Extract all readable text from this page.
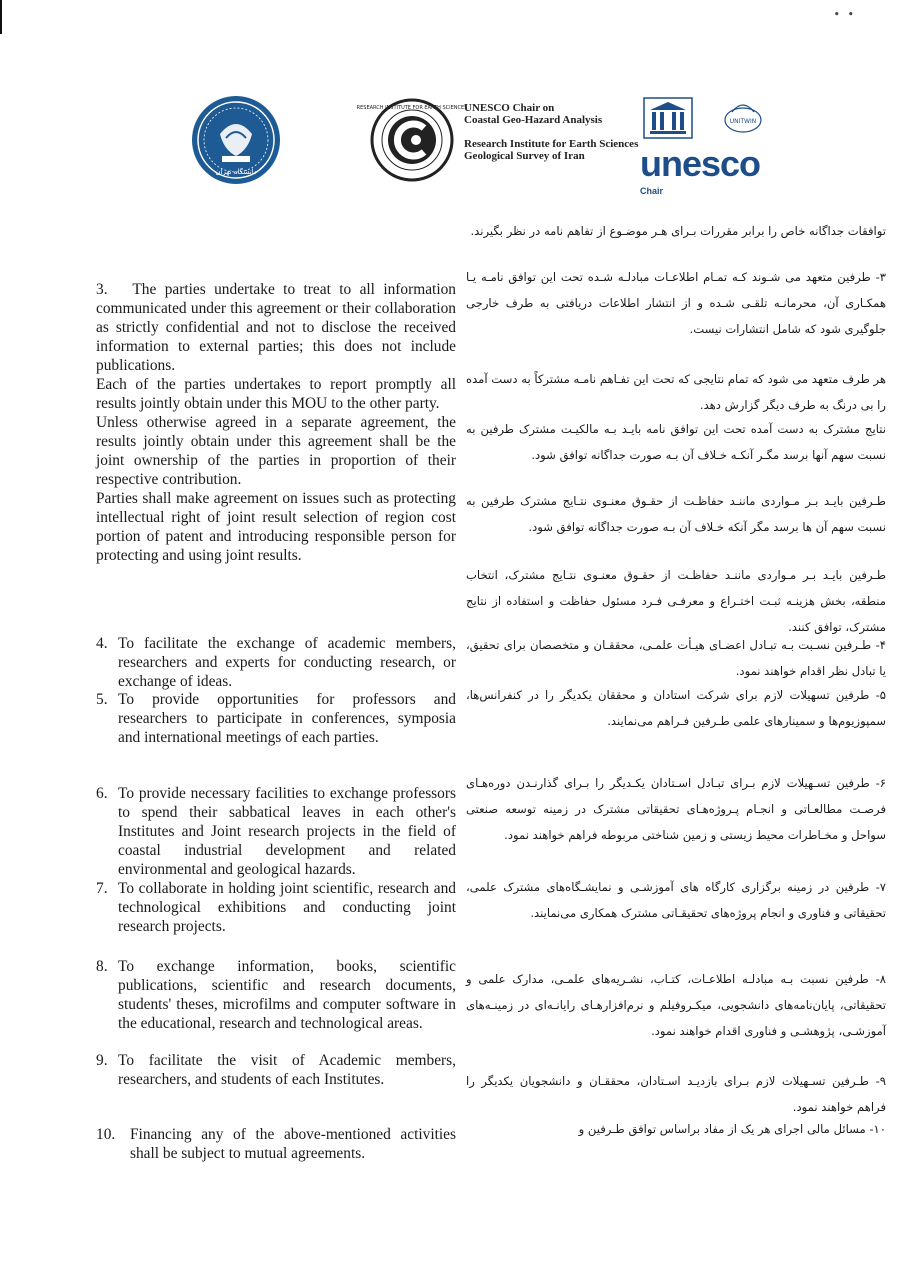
• •
دانشگاه تهران
RESEARCH INSTITUTE FOR EARTH SCIENCES
UNESCO Chair on
Coastal Geo-Hazard Analysis
Research Institute for Earth Sciences
Geological Survey of Iran
UNITWIN
unesco
Chair

3. The parties undertake to treat to all information communicated under this agreement or their collaboration as strictly confidential and not to disclose the received information to external parties; this does not include publications.

Each of the parties undertakes to report promptly all results jointly obtain under this MOU to the other party.

Unless otherwise agreed in a separate agreement, the results jointly obtain under this agreement shall be the joint ownership of the parties in proportion of their respective contribution.

Parties shall make agreement on issues such as protecting intellectual right of joint result selection of region cost portion of patent and introducing responsible person for protecting and using joint results.

4. To facilitate the exchange of academic members, researchers and experts for conducting research, or exchange of ideas.
5. To provide opportunities for professors and researchers to participate in conferences, symposia and international meetings of each parties.
6. To provide necessary facilities to exchange professors to spend their sabbatical leaves in each other's Institutes and Joint research projects in the field of coastal industrial development and related environmental and geological hazards.
7. To collaborate in holding joint scientific, research and technological exhibitions and conducting joint research projects.
8. To exchange information, books, scientific publications, scientific and research documents, students' theses, microfilms and computer software in the educational, research and technological areas.
9. To facilitate the visit of Academic members, researchers, and students of each Institutes.
10. Financing any of the above-mentioned activities shall be subject to mutual agreements.
توافقات جداگانه خاص را برابر مقررات بـرای هـر موضـوع از تفاهم نامه در نظر بگیرند.
۳- طرفین متعهد می شـوند کـه تمـام اطلاعـات مبادلـه شـده تحت این توافق نامـه یـا همکـاری آن، محرمانـه تلقـی شـده و از انتشار اطلاعات دریافتی به طرف خارجی جلوگیری شود که شامل انتشارات نیست.
هر طرف متعهد می شود که تمام نتایجی که تحت این تفـاهم نامـه مشترکاً به دست آمده را بی درنگ به طرف دیگر گزارش دهد.
نتایج مشترک به دست آمده تحت این توافق نامه بایـد بـه مالکیـت مشترک طرفین به نسبت سهم آنها برسد مگـر آنکـه خـلاف آن بـه صورت جداگانه توافق شود.
طـرفین بایـد بـر مـواردی ماننـد حفاظـت از حقـوق معنـوی نتـایج مشترک طرفین به نسبت سهم آن ها برسد مگر آنکه خـلاف آن بـه صورت جداگانه توافق شود.
طـرفین بایـد بـر مـواردی ماننـد حفاظـت از حقـوق معنـوی نتـایج مشترک، انتخاب منطقه، بخش هزینـه ثبـت اختـراع و معرفـی فـرد مسئول حفاظت و استفاده از نتایج مشترک، توافق کنند.
۴- طـرفین نسـبت بـه تبـادل اعضـای هیـأت علمـی، محققـان و متخصصان برای تحقیق، یا تبادل نظر اقدام خواهند نمود.
۵- طرفین تسهیلات لازم برای شرکت استادان و محققان یکدیگر را در کنفرانس‌ها، سمپوزیوم‌ها و سمینارهای علمی طـرفین فـراهم می‌نمایند.
۶- طرفین تسـهیلات لازم بـرای تبـادل اسـتادان یکـدیگر را بـرای گذارنـدن دوره‌هـای فرصـت مطالعـاتی و انجـام پـروژه‌هـای تحقیقاتی مشترک در زمینه توسعه صنعتی سواحل و مخـاطرات محیط زیستی و زمین شناختی مربوطه فراهم خواهند نمود.
۷- طرفین در زمینه برگزاری کارگاه های آموزشـی و نمایشـگاه‌های مشترک علمی، تحقیقاتی و فناوری و انجام پروژه‌های تحقیقـاتی مشترک همکاری می‌نمایند.
۸- طرفین نسبت بـه مبادلـه اطلاعـات، کتـاب، نشـریه‌های علمـی، مدارک علمی و تحقیقاتی، پایان‌نامه‌های دانشجویی، میکـروفیلم و نرم‌افزارهـای رایانـه‌ای در زمینـه‌های آموزشـی، پژوهشـی و فناوری اقدام خواهند نمود.
۹- طـرفین تسـهیلات لازم بـرای بازدیـد اسـتادان، محققـان و دانشجویان یکدیگر را فراهم خواهند نمود.
۱۰- مسائل مالی اجرای هر یک از مفاد براساس توافق طـرفین و
